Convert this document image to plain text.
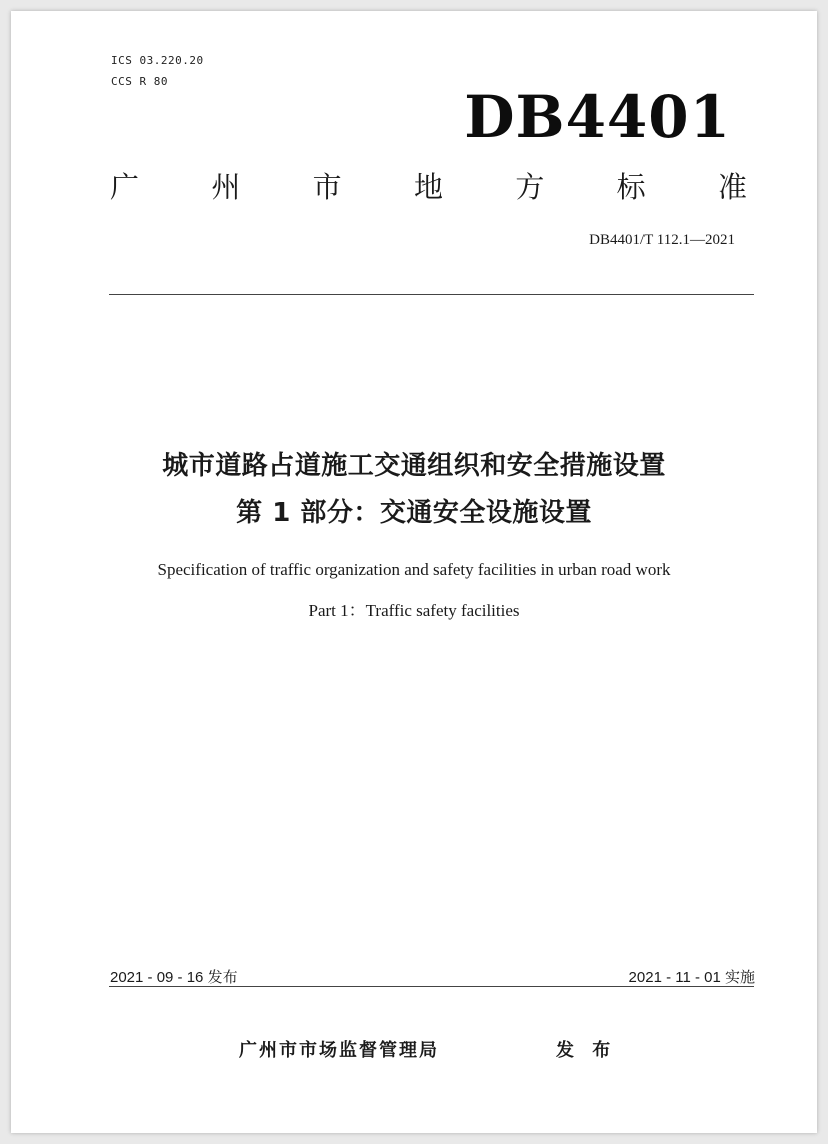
ICS 03.220.20
CCS R 80
DB4401
广 州 市 地 方 标 准
DB4401/T 112.1—2021
城市道路占道施工交通组织和安全措施设置
第 1 部分：交通安全设施设置
Specification of traffic organization and safety facilities in urban road work
Part 1：Traffic safety facilities
2021 - 09 - 16 发布	2021 - 11 - 01 实施
广州市市场监督管理局	发 布
